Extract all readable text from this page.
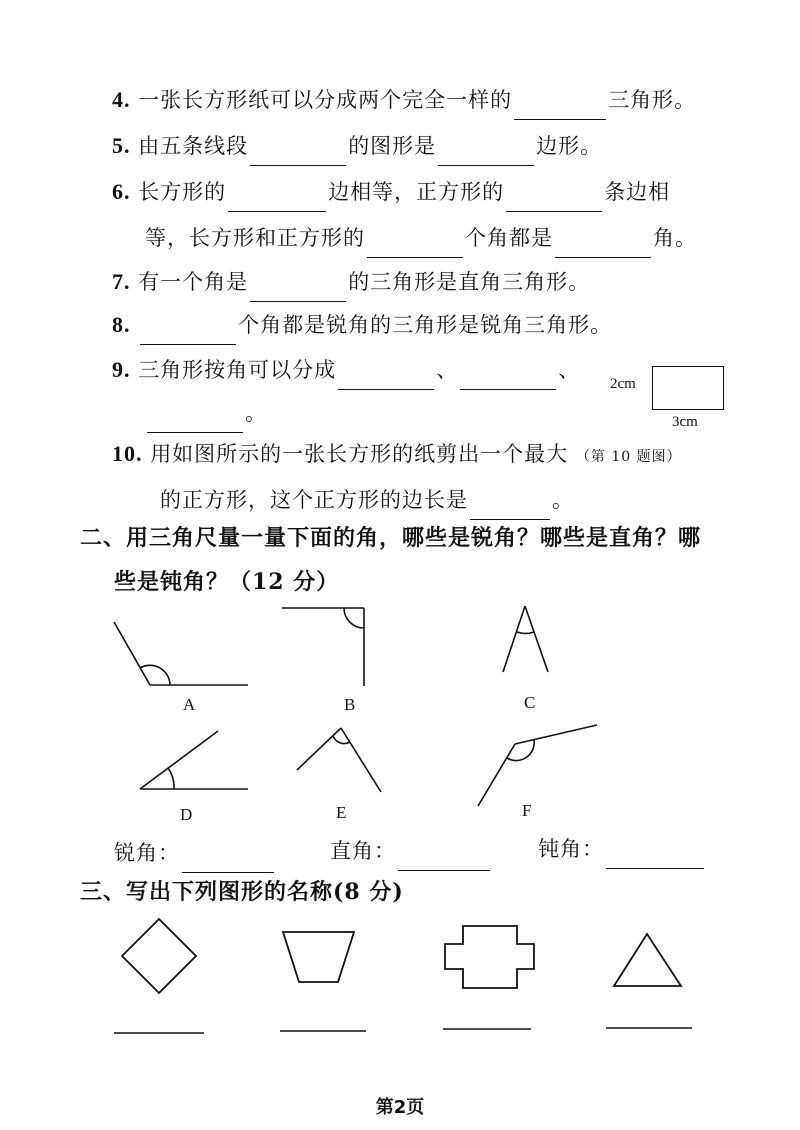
4. 一张长方形纸可以分成两个完全一样的	三角形。
5. 由五条线段	的图形是	边形。
6. 长方形的	边相等，正方形的	条边相
等，长方形和正方形的	个角都是	角。
7. 有一个角是	的三角形是直角三角形。
8.	个角都是锐角的三角形是锐角三角形。
9. 三角形按角可以分成	、	、
。
2cm
3cm
10. 用如图所示的一张长方形的纸剪出一个最大 （第 10 题图）
的正方形，这个正方形的边长是	。
二、用三角尺量一量下面的角，哪些是锐角？哪些是直角？哪
些是钝角？（12 分）
A	B	C
D	E	F
锐角：	直角：	钝角：
三、写出下列图形的名称(8 分)
第2页
